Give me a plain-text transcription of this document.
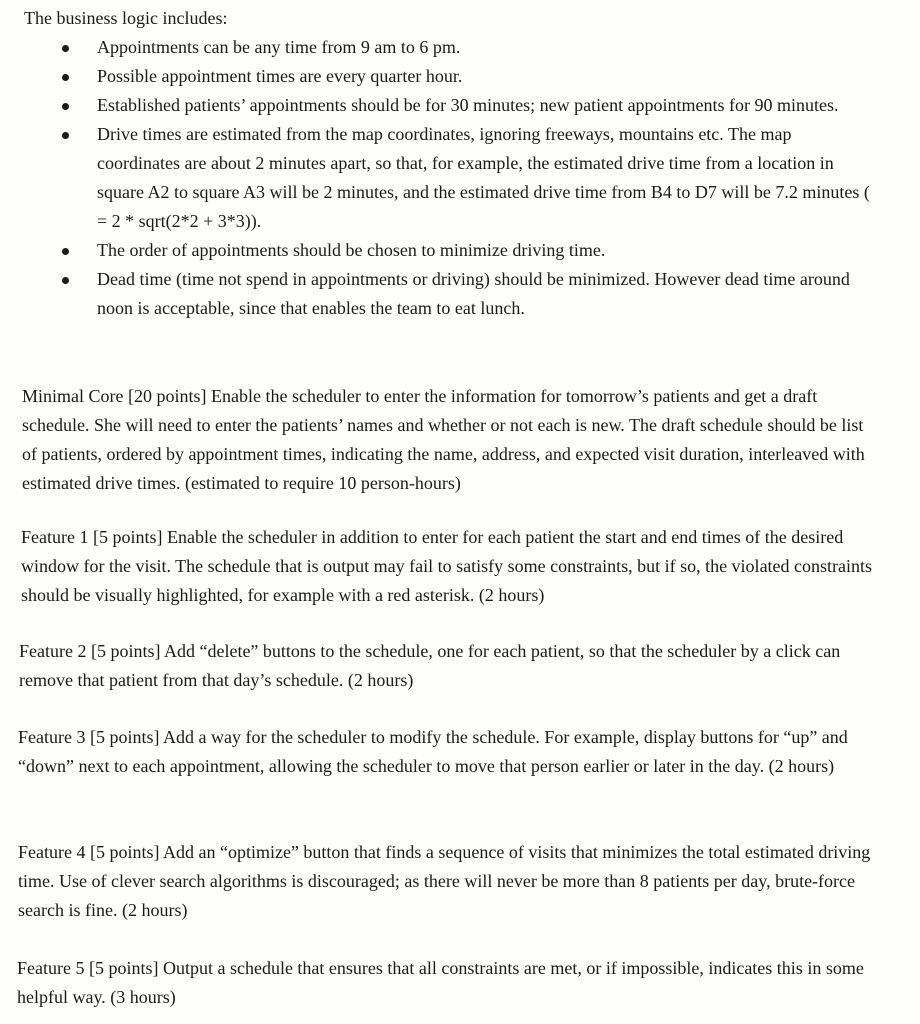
The business logic includes:

Appointments can be any time from 9 am to 6 pm.
Possible appointment times are every quarter hour.
Established patients’ appointments should be for 30 minutes; new patient appointments for 90 minutes.
Drive times are estimated from the map coordinates, ignoring freeways, mountains etc. The map coordinates are about 2 minutes apart, so that, for example, the estimated drive time from a location in square A2 to square A3 will be 2 minutes, and the estimated drive time from B4 to D7 will be 7.2 minutes ( = 2 * sqrt(2*2 + 3*3)).
The order of appointments should be chosen to minimize driving time.
Dead time (time not spend in appointments or driving) should be minimized. However dead time around noon is acceptable, since that enables the team to eat lunch.

Minimal Core [20 points] Enable the scheduler to enter the information for tomorrow’s patients and get a draft schedule. She will need to enter the patients’ names and whether or not each is new. The draft schedule should be list of patients, ordered by appointment times, indicating the name, address, and expected visit duration, interleaved with estimated drive times. (estimated to require 10 person-hours)

Feature 1 [5 points] Enable the scheduler in addition to enter for each patient the start and end times of the desired window for the visit. The schedule that is output may fail to satisfy some constraints, but if so, the violated constraints should be visually highlighted, for example with a red asterisk. (2 hours)

Feature 2 [5 points] Add “delete” buttons to the schedule, one for each patient, so that the scheduler by a click can remove that patient from that day’s schedule. (2 hours)

Feature 3 [5 points] Add a way for the scheduler to modify the schedule. For example, display buttons for “up” and “down” next to each appointment, allowing the scheduler to move that person earlier or later in the day. (2 hours)

Feature 4 [5 points] Add an “optimize” button that finds a sequence of visits that minimizes the total estimated driving time. Use of clever search algorithms is discouraged; as there will never be more than 8 patients per day, brute-force search is fine. (2 hours)

Feature 5 [5 points] Output a schedule that ensures that all constraints are met, or if impossible, indicates this in some helpful way. (3 hours)
